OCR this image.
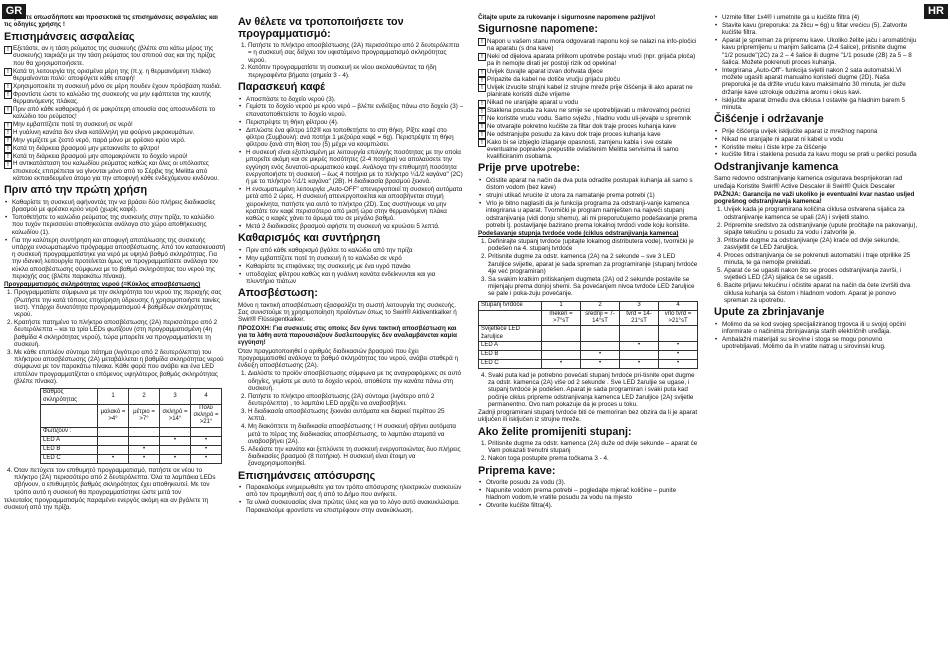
GR	HR

Διαβάστε οπωσδήποτε και προσεκτικά τις επισημάνσεις ασφαλείας και τις οδηγίες χρήσης !

Επισημάνσεις ασφαλείας
! Εξετάστε, αν η τάση ρεύματος της συσκευής (βλέπε στο κάτω μέρος της συσκευής) ταιριάζει με την τάση ρεύματος του σπιτιού σας και της πρίζας που θα χρησιμοποιήσετε.
! Κατά τη λειτουργία της ορισμένα μέρη της (π.χ. η θερμαινόμενη πλάκα) θερμαίνονται πολύ: αποφύγετε κάθε επαφή!
! Χρησιμοποιείτε τη συσκευή μόνο σε μέρη πουδεν έχουν πρόσβαση παιδιά.
! Φροντίστε ώστε το καλώδιο της συσκευής να μην εφάπτεται της καυτής θερμαινόμενης πλάκας.
! Πριν από κάθε καθαρισμό ή σε μακρύτερη απουσία σας αποσυνδέστε το καλώδιο του ρεύματος!
! Μην εμβαπτίζετε ποτέ τη συσκευή σε νερό!
! Η γυάλινη κανάτα δεν είναι κατάλληλη για φούρνο μικροκυμάτων.
! Μην γεμίζετε με ζεστό νερό, παρά μόνο με φρέσκο κρύο νερό.
! Κατά τη διάρκεια βρασμού μην μετακινείτε το φίλτρο!
! Κατά τη διάρκεια βρασμού μην απομακρύνετε το δοχείο νερού!
! Η αντικατάσταση του καλωδίου ρεύματος καθώς και όλες οι υπόλοιπες επισκευές επιτρέπεται να γίνονται μόνο από το Σέρβις της Melitta από κάποιο εκπαιδευμένο άτομο για την αποφυγή κάθε ενδεχόμενου κινδύνου.
Πριν από την πρώτη χρήση
• Καθαρίστε τη συσκευή αφήνοντάς την να βράσει δύο πλήρεις διαδικασίες βρασμού με φρέσκο κρύο νερό (χωρίς καφέ).
• Τοποθετήστε το καλώδιο ρεύματος της συσκευής στην πρίζα, το καλώδιο που τυχόν περισσεύει αποθηκεύεται ανάλογα στο χώρο αποθήκευσης καλωδίου (1).
• Για την καλύτερη συντήρηση και αποφυγή αποτάλωσης της συσκευής υπάρχει ενσωματωμένο πρόγραμμα αποσβέστωσης. Από τον κατασκευαστή η συσκευή προγραμματίστηκε για νερό με υψηλό βαθμό σκληρότητας. Για την ιδανική λειτουργία προτείνεται όμως να προγραμματίσετε ανάλογα τον κύκλο αποσβέστωσης σύμφωνα με το βαθμό σκληρότητας του νερού της περιοχής σας (βλέπε παρακάτω πίνακα).

Προγραμματισμός σκληρότητας νερού (=Κύκλος αποσβέστωσης)

1. Προγραμματίστε σύμφωνα με την σκληρότητα του νερού της περιοχής σας (Ρωτήστε την κατά τόπους επιχείρηση ύδρευσης ή χρησιμοποιήστε ταινίες τεστ). Υπάρχει δυνατότητα προγραμματισμού 4 βαθμίδων σκληρότητας νερού.
2. Κρατήστε πατημένο το πλήκτρο αποσβέστωσης (2A) περισσότερο από 2 δευτερόλεπτα – και τα τρία LEDs φωτίζουν (στη προγραμματισμένη (4η βαθμίδα 4 σκληρότητας νερού), τώρα μπορείτε να προγραμματίσετε τη συσκευή.
3. Με κάθε επιπλέον σύντομο πάτημα (λιγότερο από 2 δευτερόλεπτα) του πλήκτρου αποσβέστωσης (2A) μεταβάλλεται η βαθμίδα σκληρότητας νερού σύμφωνα με τον παρακάτω πίνακα. Κάθε φορά που ανάβει και ένα LED επιτέλον προγραμματίζεται ο επόμενος υψηλότερος βαθμός σκληρότητας (βλέπε πίνακα).
Βαθμός σκληρότητας	1	2	3	4
	μαλακό = >4°	μέτριο = >7°	σκληρό = >14°	Πολύ σκληρό = >21°
Φωτίζουν :				
LED A			•	•
LED B		•		•
LED C	•	•	•	•
4. Όταν πετύχετε τον επιθυμητό προγραμματισμό, πατήστε ox νέου το πλήκτρο (2A) περισσότερο από 2 δευτερόλεπτα. Όλα τα λαμπάκια LEDs σβήνουν, ο επιθυμητός βαθμός σκληρότητας έχει αποθηκευτεί. Με τον τρόπο αυτό η συσκευή θα προγραμματίστηκε ώστε μετά τον

τελευταίος προγραμματισμός παραμένει ενεργός ακόμη και αν βγάλετε τη συσκευή από την πρίζα.

Αν θέλετε να τροποποιήσετε τον προγραμματισμό:
1. Πατήστε το πλήκτρο αποσβέστωσης (2A) περισσότερο από 2 δευτερόλεπτα = η συσκευή σας δείχνει τον υφιστάμενο προγραμματισμό σκληρότητας νερού.
2. Κατόπιν προγραμματίστε τη συσκευή εκ νέου ακολουθώντας τα ήδη περιγραφέντα βήματα (σημεία 3 - 4).
Παρασκευή καφέ
• Αποσπάστε το δοχείο νερού (3).
• Γεμίστε το δοχείο νερού με κρύο νερό – βλέπε ενδείξεις πάνω στο δοχείο (3) – επανατοποθετείστε το δοχείο νερού.
• Περιστρέψτε τη θήκη φίλτρου (4).
• Διπλώστε ένα φίλτρο 102® και τοποθετήστε το στη θήκη. Ρίξτε καφέ στο φίλτρο (Συμβουλή: ανά ποτήρι 1 μεζούρα καφέ = 6g). Περιστρέψτε τη θήκη φίλτρου ξανά στη θέση του (5) μέχρι να κουμπώσει.
• Η συσκευή είναι εξοπλισμένη με λειτουργία επιλογής ποσότητας με την οποία μπορείτε ακόμη και σε μικρές ποσότητες (2-4 ποτήρια) να απολαύσετε την εγγύηση ενός δυνατού-αρωματικού καφέ. Ανάλογα την επιθυμητή ποσότητα ενεργοποιήστε τη συσκευή – έως 4 ποτήρια με το πλήκτρο ¼1/2 καγάνα" (2C) ή με το πλήκτρο ¼1/1 καγάνα" (2B). Η διαδικασία βρασμού ξεκινά.
• Η ενσωματωμένη λειτουργία „Auto-OFF" απενεργοποιεί τη συσκευή αυτόματα μετά από 2 ώρες. Η συσκευή απενεργοποιείται και αποσβήνεται στιγμή χειροκίνητα, πατήστε για αυτό το πλήκτρο (2D). Σας συστήνουμε να μην κρατάτε τον καφέ περισσότερο από μισή ώρα στην θερμαινόμενη πλάκα καθώς ο καφές χάνει το άρωμά του σε μεγάλο βαθμό.
• Μετά 2 διαδικασίες βρασμού αφήστε τη συσκευή να κρυώσει 5 λεπτά.
Καθαρισμός και συντήρηση
• Πριν από κάθε καθαρισμό βγάλτε το καλώδιο από την πρίζα
• Μην εμβαπτίζετε ποτέ τη συσκευή ή το καλώδιο σε νερό
• Καθαρίστε τις επιφάνειες της συσκευής με ένα υγρό πανάκι
• υποδοχέας φίλτρου καθώς και η γυάλινη κανάτα ενδείκνυνται και για πλυντήριο πιάτων
Αποσβέστωση:

Μόνο η τακτική αποσβέστωση εξασφαλίζει τη σωστή λειτουργία της συσκευής. Σας συνιστούμε τη χρησιμοποίηση προϊόντων όπως το Swirl® Aktiventkalker ή Swirl® Flüssigentkalker.

ΠΡΟΣΟΧΗ: Για συσκευές στις οποίες δεν έγινε τακτική αποσβέστωση και για τα λάθη αυτά παρουσιάζουν δυσλειτουργίες δεν αναλαμβάνεται καμία εγγύηση!

Όταν πραγματοποιηθεί ο αριθμός διαδικασιών βρασμού που έχει προγραμματισθεί ανάλογα το βαθμό σκληρότητας του νερού, ανάβει σταθερά η ένδειξη αποσβέστωσης (2A).

1. Διαλύστε το προϊόν αποσβέστωσης σύμφωνα με τις αναγραφόμενες σε αυτό οδηγίες, γεμίστε με αυτό το δοχείο νερού, αποθέστε την κανάτα πάνω στη συσκευή.
2. Πατήστε το πλήκτρο αποσβέστωσης (2A) σύντομα (λιγότερο από 2 δευτερόλεπτα) , το λαμπάκι LED αρχίζει να αναβοσβήνει.
3. Η διαδικασία αποσβέστωσης ξεκινάει αυτόματα και διαρκεί περίπου 25 λεπτά.
4. Μη διακόπτετε τη διαδικασία αποσβέστωσης ! Η συσκευή σβήνει αυτόματα μετά το πέρας της διαδικασίας αποσβέστωσης, το λαμπάκι σταματά να αναβοσβήνει (2A).
5. Αδειάστε την κανάτα και ξεπλύνετε τη συσκευή ενεργοποιώντας δυο πλήρεις διαδικασίες βρασμού (8 ποτήρια). Η συσκευή είναι έτοιμη να ξαναχρησιμοποιηθεί.
Επισημάνσεις απόσυρσης
• Παρακαλούμε ενημερωθείτε για τον τρόπο απόσυρσης ηλεκτρικών συσκευών από τον προμηθευτή σας ή από το Δήμο που ανήκετε.
• Τα υλικά συσκευασίας είναι πρώτες ύλες και για το λόγο αυτό ανακυκλώσιμα. Παρακαλούμε φροντίστε να επιστρέφουν στην ανακύκλωση.

Čitajte upute za rukovanje i sigurnosne napomene pažljivo!

Sigurnosne napomene:
! Napon u vašem stanu mora odgovarati naponu koji se nalazi na info-pločici na aparatu (s dna kave)
! Neki od dijelova aparata prilikom upotrebe postaju vrući (npr. grijača ploča) pa ih nemojte dirati jer postoji rizik od opekina!
! Uvijek čuvajte aparat izvan dohvata djece
! Pripazite da kabel ne dotiče vrućju grijaću ploču
! Uvijek izvucite strujni kabel iz strujne mreže prije čišćenja ili ako aparat ne planirate koristiti duže vrijeme
! Nikad ne uranjajte aparat u vodu
! Staklena posuda za kavu ne smije se upotrebljavati u mikrovalnoj pećnici
! Ne koristite vruću vodu. Samo svježu , hladnu vodu uli-jevajte u spremnik
! Ne otvarajte pokretno kućište za filtar dok traje proces kuhanja kave
! Ne odstranjujte posudu za kavu dok traje proces kuhanja kave
! Kako bi se izbjeglo izlaganje opasnosti, zamjenu kabla i sve ostale eventualne popravke prepustite ovlaštenim Melitta servisima ili samo kvalificiranim osobama.
Prije prve upotrebe:
• Očistite aparat na način da dva puta odradite postupak kuhanja ali samo s čistom vodom (bez kave)
• strujni utikač ivrucite iz utora za namatanje prema potrebi (1)
• Vrlo je bitno naglasiti da je funkcija programa za odstranji-vanje kamenca integrirana u aparat. Tvornički je program namješten na najveći stupanj odstranjivanja (vidi donju shemu), ali mi preporučujemo podešavanje prema potrebi tj. postavljanje bazirano prema lokalnoj tvrdoći vode koju koristite.

Podešavanje stupnja tvrdoće vode (ciklus odstranjivanja kamenca)

1. Definirajte stupanj tvrdoće (upitajte lokalnog distributera vode), tvornički je podešen na 4. stupanj tvrdoće
2. Pritisnite dugme za odstr. kamenca (2A) na 2 sekunde – sve 3 LED žaruljice svijetle, aparat je sada spreman za programiranje (stupanj tvrdoće 4je već programiran)
3. Sa svakim kratkim pritiskanjem dugmeta (2A) od 2 sekunde postavite se mijenjaju prema donjoj shemi. Sa povećanjem nivoa tvrdoće LED žaruljice se pale i poka-zuju povećanje.
Stupanj tvrdoće	1	2	3	4
	meken = >7°sT	srednji = 7-14°sT	tvrd = 14-21°sT	vrlo tvrd = >21°sT
Svijetleće LED žaruljice				
LED A			•	•
LED B		•		•
LED C	•	•	•	•
4. Svaki puta kad je potrebno povećati stupanj tvrdoće pri-tisnite opet dugme za odstr. kamenca (2A) više od 2 sekunde . Sve LED žaruljie se ugase, i stupanj tvrdoće je podešen. Aparat je sada programiran i svaki puta kad počinje ciklus pripreme odstranjivanja kamenca LED žaruljice (2A) svijetle permanentno. Ovo nam pokazuje da je proces u toku.

Zadnji programirani stupanj tvrdoće biti će memoriran bez obzira da li je aparat uključen ili isključen iz strujne mreže.

Ako želite promijeniti stupanj:
1. Pritisnite dugme za odstr. kamenca (2A) duže od dvije sekunde – aparat će Vam pokazati trenutni stupanj
2. Nakon toga postupite prema točkama 3 - 4.
Priprema kave:
• Otvorite posudu za vodu (3).
• Napunite vodom prema potrebi – pogledajte mjerač količine – punite hladnom vodom,te vratite posudu za vodu na mjesto
• Otvorite kućište filtra(4).
• Uzmite filter 1x4® i umetnite ga u kućište filtra (4)
• Stavite kavu (preporuka: za žlicu = 6g) u filtar vrećicu (5). Zatvorite kućište filtra.
• Aparat je spreman za pripremu kave. Ukoliko želite jaču i aromatičniju kavu pripremljenu u manjim šalicama (2-4 šalice), pritisnite dugme "1/2 posude"(2C) za 2 – 4 šalice ili dugme "1/1 posude (2B) za 5 – 8 šalica. Možete pokrenuti proces kuhanja.
• Integrirana „Auto-Off"- funkcija svjetli nakon 2 sata automatski.Vi možete ugasiti aparat manualno koristeći dugme (2D). Naša preporuka je da držite vruću kavu maksimalno 30 minuta, jer duže držanje kave uzrokuje oduzima aromu i okus kavi.
• Isključite aparat između dva ciklusa I ostavite ga hladnim barem 5 minuta.
Čišćenje i održavanje
• Prije čišćenja uvijek isključite aparat iz mrežnog napona
• Nikad ne uranjajte ni aparat ni kabel u vodu
• Koristite meku i čiste krpe za čišćenje
• kućište filtra i staklena posuda za kavu mogu se prati u perilici posuđa
Odstranjivanje kamenca

Samo redovno odstranjivanje kamenca osigurava besprijekoran rad uređaja Koristite Swirl® Active Descaler ili Swirl® Quick Descaler

PAŽNJA: Garancija ne važi ukoliko je eventualni kvar nastao usljed pogrešnog odstranjivanja kamenca!

1. Uvijek kada je programirana količina ciklusa ostvarena sijalica za odstranjivanje kamenca se upali (2A) i svijetli stalno.
2. Pripremite sredstvo za odstranjivanje (upute pročitajte na pakovanju), sipajte tekućinu u posudu za vodu i zatvorite je.
3. Pritisnite dugme za odstranjivanje (2A) kraće od dvije sekunde, zasvijetlit će LED žaruljica.
4. Proces odstranjivanja će se pokrenuti automatski i traje otprilike 25 minuta, te ga nemojte prekidati.
5. Aparat će se ugasiti nakon što se proces odstranjivanja završi, i svjetleći LED (2A) sijalica će se ugasiti.
6. Bacite prljavu tekućinu i očistite aparat na način da čete izvršiti dva ciklusa kuhanja sa čistom i hladnom vodom. Aparat je ponovo spreman za upotrebu.
Upute za zbrinjavanje
• Molimo da se kod svojeg specijaliziranog trgovca ili u svojoj općini informirate o načinima zbrinjavanja starih električnih uređaja.
• Ambalažni materijali su sirovine i stoga se mogu ponovno upotrebljavati. Molimo da ih vratite natrag u sirovinski krug.
